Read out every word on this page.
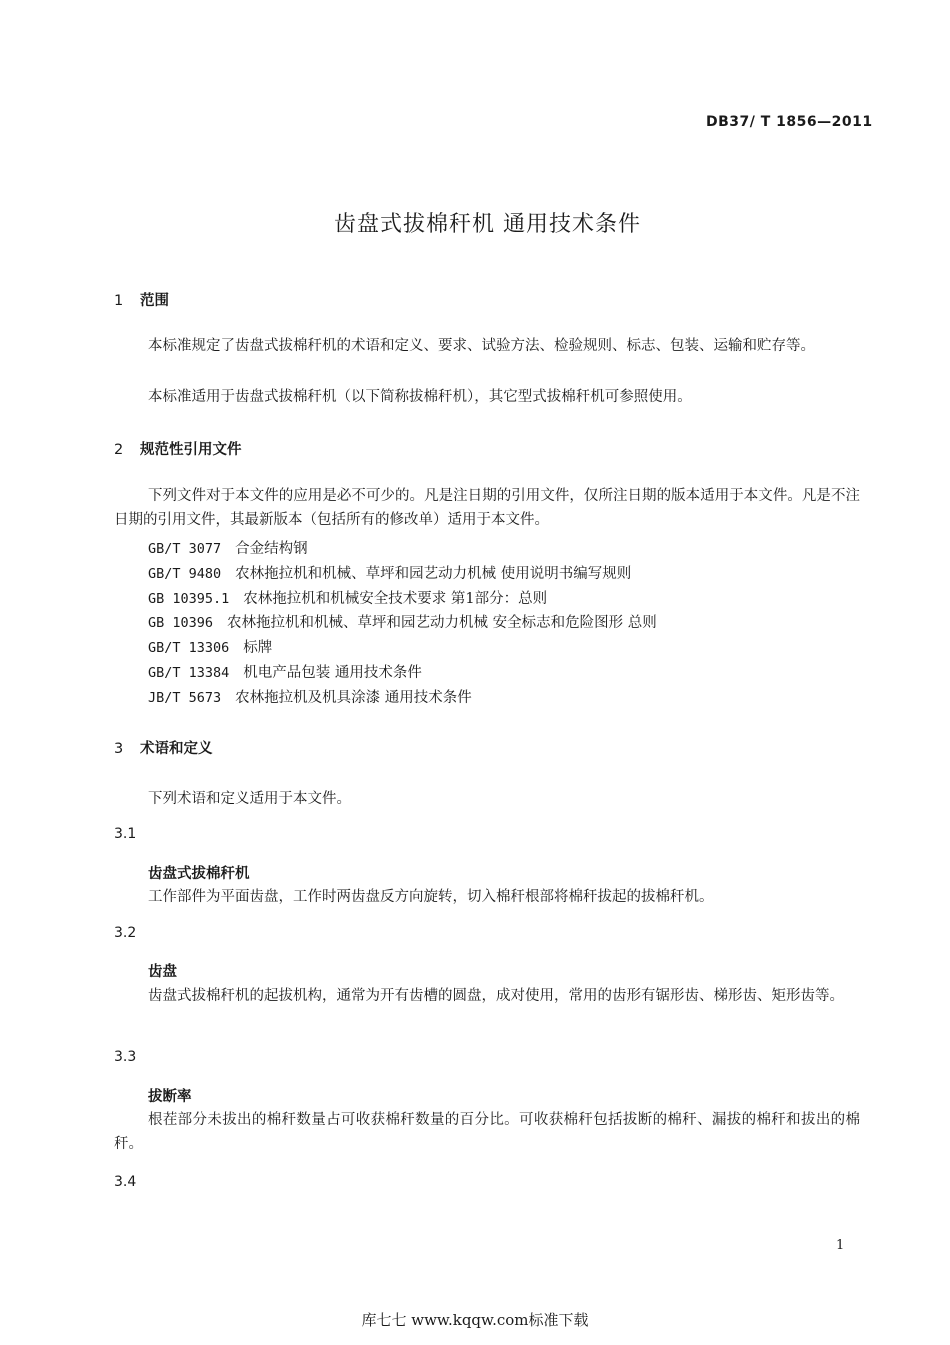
DB37/ T 1856—2011
齿盘式拔棉秆机 通用技术条件
1 范围
本标准规定了齿盘式拔棉秆机的术语和定义、要求、试验方法、检验规则、标志、包装、运输和贮存等。
本标准适用于齿盘式拔棉秆机（以下简称拔棉秆机），其它型式拔棉秆机可参照使用。
2 规范性引用文件
下列文件对于本文件的应用是必不可少的。凡是注日期的引用文件，仅所注日期的版本适用于本文件。凡是不注日期的引用文件，其最新版本（包括所有的修改单）适用于本文件。
GB/T 3077 合金结构钢
GB/T 9480 农林拖拉机和机械、草坪和园艺动力机械 使用说明书编写规则
GB 10395.1 农林拖拉机和机械安全技术要求 第1部分：总则
GB 10396 农林拖拉机和机械、草坪和园艺动力机械 安全标志和危险图形 总则
GB/T 13306 标牌
GB/T 13384 机电产品包装 通用技术条件
JB/T 5673 农林拖拉机及机具涂漆 通用技术条件
3 术语和定义
下列术语和定义适用于本文件。
3.1
齿盘式拔棉秆机
工作部件为平面齿盘，工作时两齿盘反方向旋转，切入棉秆根部将棉秆拔起的拔棉秆机。
3.2
齿盘
齿盘式拔棉秆机的起拔机构，通常为开有齿槽的圆盘，成对使用，常用的齿形有锯形齿、梯形齿、矩形齿等。
3.3
拔断率
根茬部分未拔出的棉秆数量占可收获棉秆数量的百分比。可收获棉秆包括拔断的棉秆、漏拔的棉秆和拔出的棉秆。
3.4
1
库七七 www.kqqw.com标准下载
